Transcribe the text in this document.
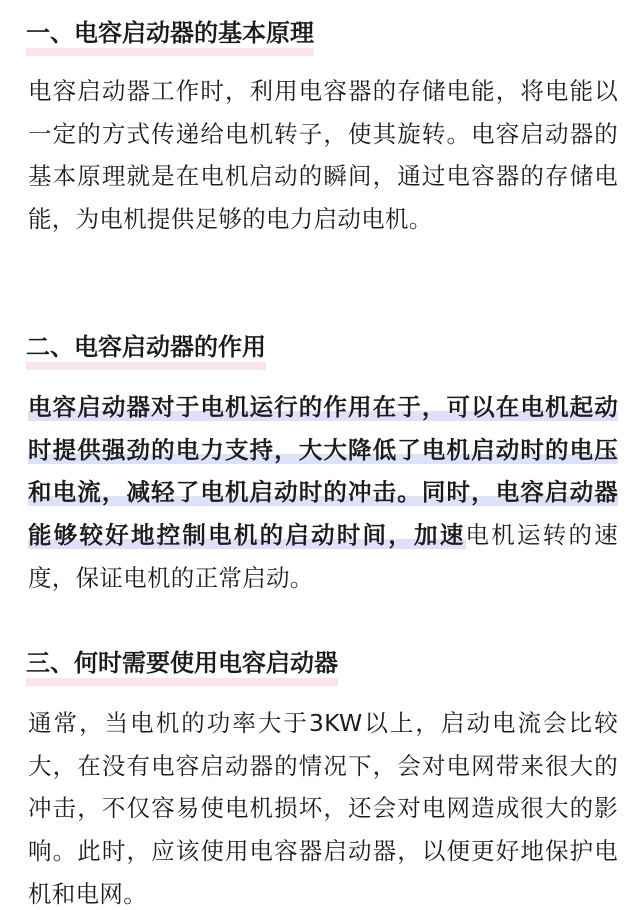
一、电容启动器的基本原理

电容启动器工作时，利用电容器的存储电能，将电能以一定的方式传递给电机转子，使其旋转。电容启动器的基本原理就是在电机启动的瞬间，通过电容器的存储电能，为电机提供足够的电力启动电机。

二、电容启动器的作用

电容启动器对于电机运行的作用在于，可以在电机起动时提供强劲的电力支持，大大降低了电机启动时的电压和电流，减轻了电机启动时的冲击。同时，电容启动器能够较好地控制电机的启动时间，加速电机运转的速度，保证电机的正常启动。

三、何时需要使用电容启动器

通常，当电机的功率大于3KW以上，启动电流会比较大，在没有电容启动器的情况下，会对电网带来很大的冲击，不仅容易使电机损坏，还会对电网造成很大的影响。此时，应该使用电容器启动器，以便更好地保护电机和电网。
